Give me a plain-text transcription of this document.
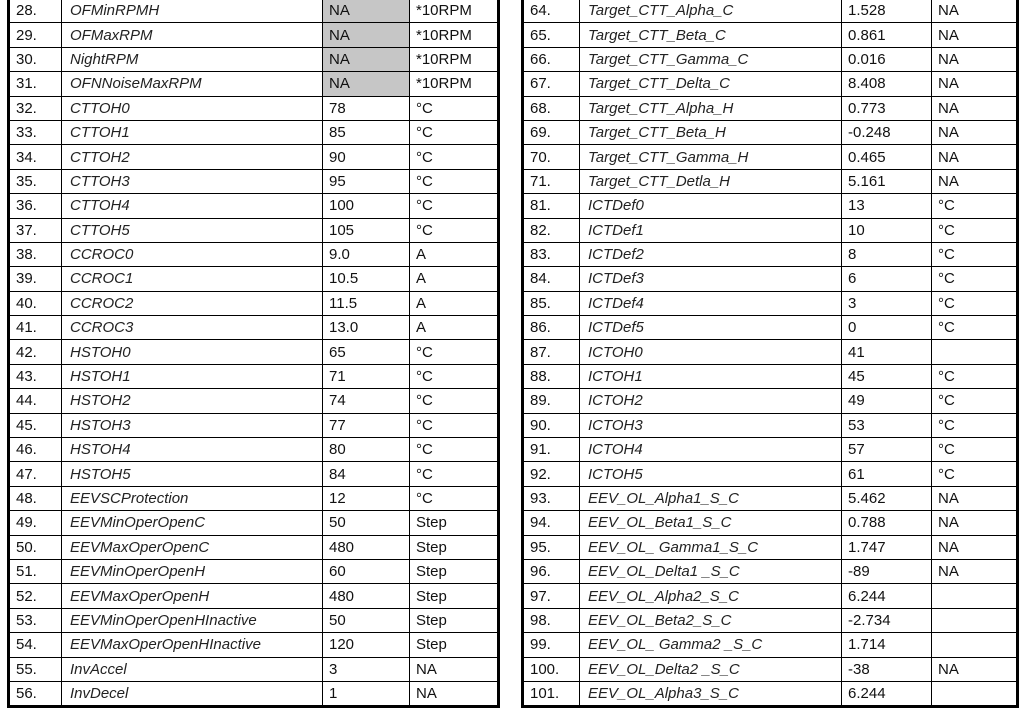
28.	OFMinRPMH	NA	*10RPM
29.	OFMaxRPM	NA	*10RPM
30.	NightRPM	NA	*10RPM
31.	OFNNoiseMaxRPM	NA	*10RPM
32.	CTTOH0	78	°C
33.	CTTOH1	85	°C
34.	CTTOH2	90	°C
35.	CTTOH3	95	°C
36.	CTTOH4	100	°C
37.	CTTOH5	105	°C
38.	CCROC0	9.0	A
39.	CCROC1	10.5	A
40.	CCROC2	11.5	A
41.	CCROC3	13.0	A
42.	HSTOH0	65	°C
43.	HSTOH1	71	°C
44.	HSTOH2	74	°C
45.	HSTOH3	77	°C
46.	HSTOH4	80	°C
47.	HSTOH5	84	°C
48.	EEVSCProtection	12	°C
49.	EEVMinOperOpenC	50	Step
50.	EEVMaxOperOpenC	480	Step
51.	EEVMinOperOpenH	60	Step
52.	EEVMaxOperOpenH	480	Step
53.	EEVMinOperOpenHInactive	50	Step
54.	EEVMaxOperOpenHInactive	120	Step
55.	InvAccel	3	NA
56.	InvDecel	1	NA
64.	Target_CTT_Alpha_C	1.528	NA
65.	Target_CTT_Beta_C	0.861	NA
66.	Target_CTT_Gamma_C	0.016	NA
67.	Target_CTT_Delta_C	8.408	NA
68.	Target_CTT_Alpha_H	0.773	NA
69.	Target_CTT_Beta_H	-0.248	NA
70.	Target_CTT_Gamma_H	0.465	NA
71.	Target_CTT_Detla_H	5.161	NA
81.	ICTDef0	13	°C
82.	ICTDef1	10	°C
83.	ICTDef2	8	°C
84.	ICTDef3	6	°C
85.	ICTDef4	3	°C
86.	ICTDef5	0	°C
87.	ICTOH0	41	
88.	ICTOH1	45	°C
89.	ICTOH2	49	°C
90.	ICTOH3	53	°C
91.	ICTOH4	57	°C
92.	ICTOH5	61	°C
93.	EEV_OL_Alpha1_S_C	5.462	NA
94.	EEV_OL_Beta1_S_C	0.788	NA
95.	EEV_OL_ Gamma1_S_C	1.747	NA
96.	EEV_OL_Delta1 _S_C	-89	NA
97.	EEV_OL_Alpha2_S_C	6.244	
98.	EEV_OL_Beta2_S_C	-2.734	
99.	EEV_OL_ Gamma2 _S_C	1.714	
100.	EEV_OL_Delta2 _S_C	-38	NA
101.	EEV_OL_Alpha3_S_C	6.244	
